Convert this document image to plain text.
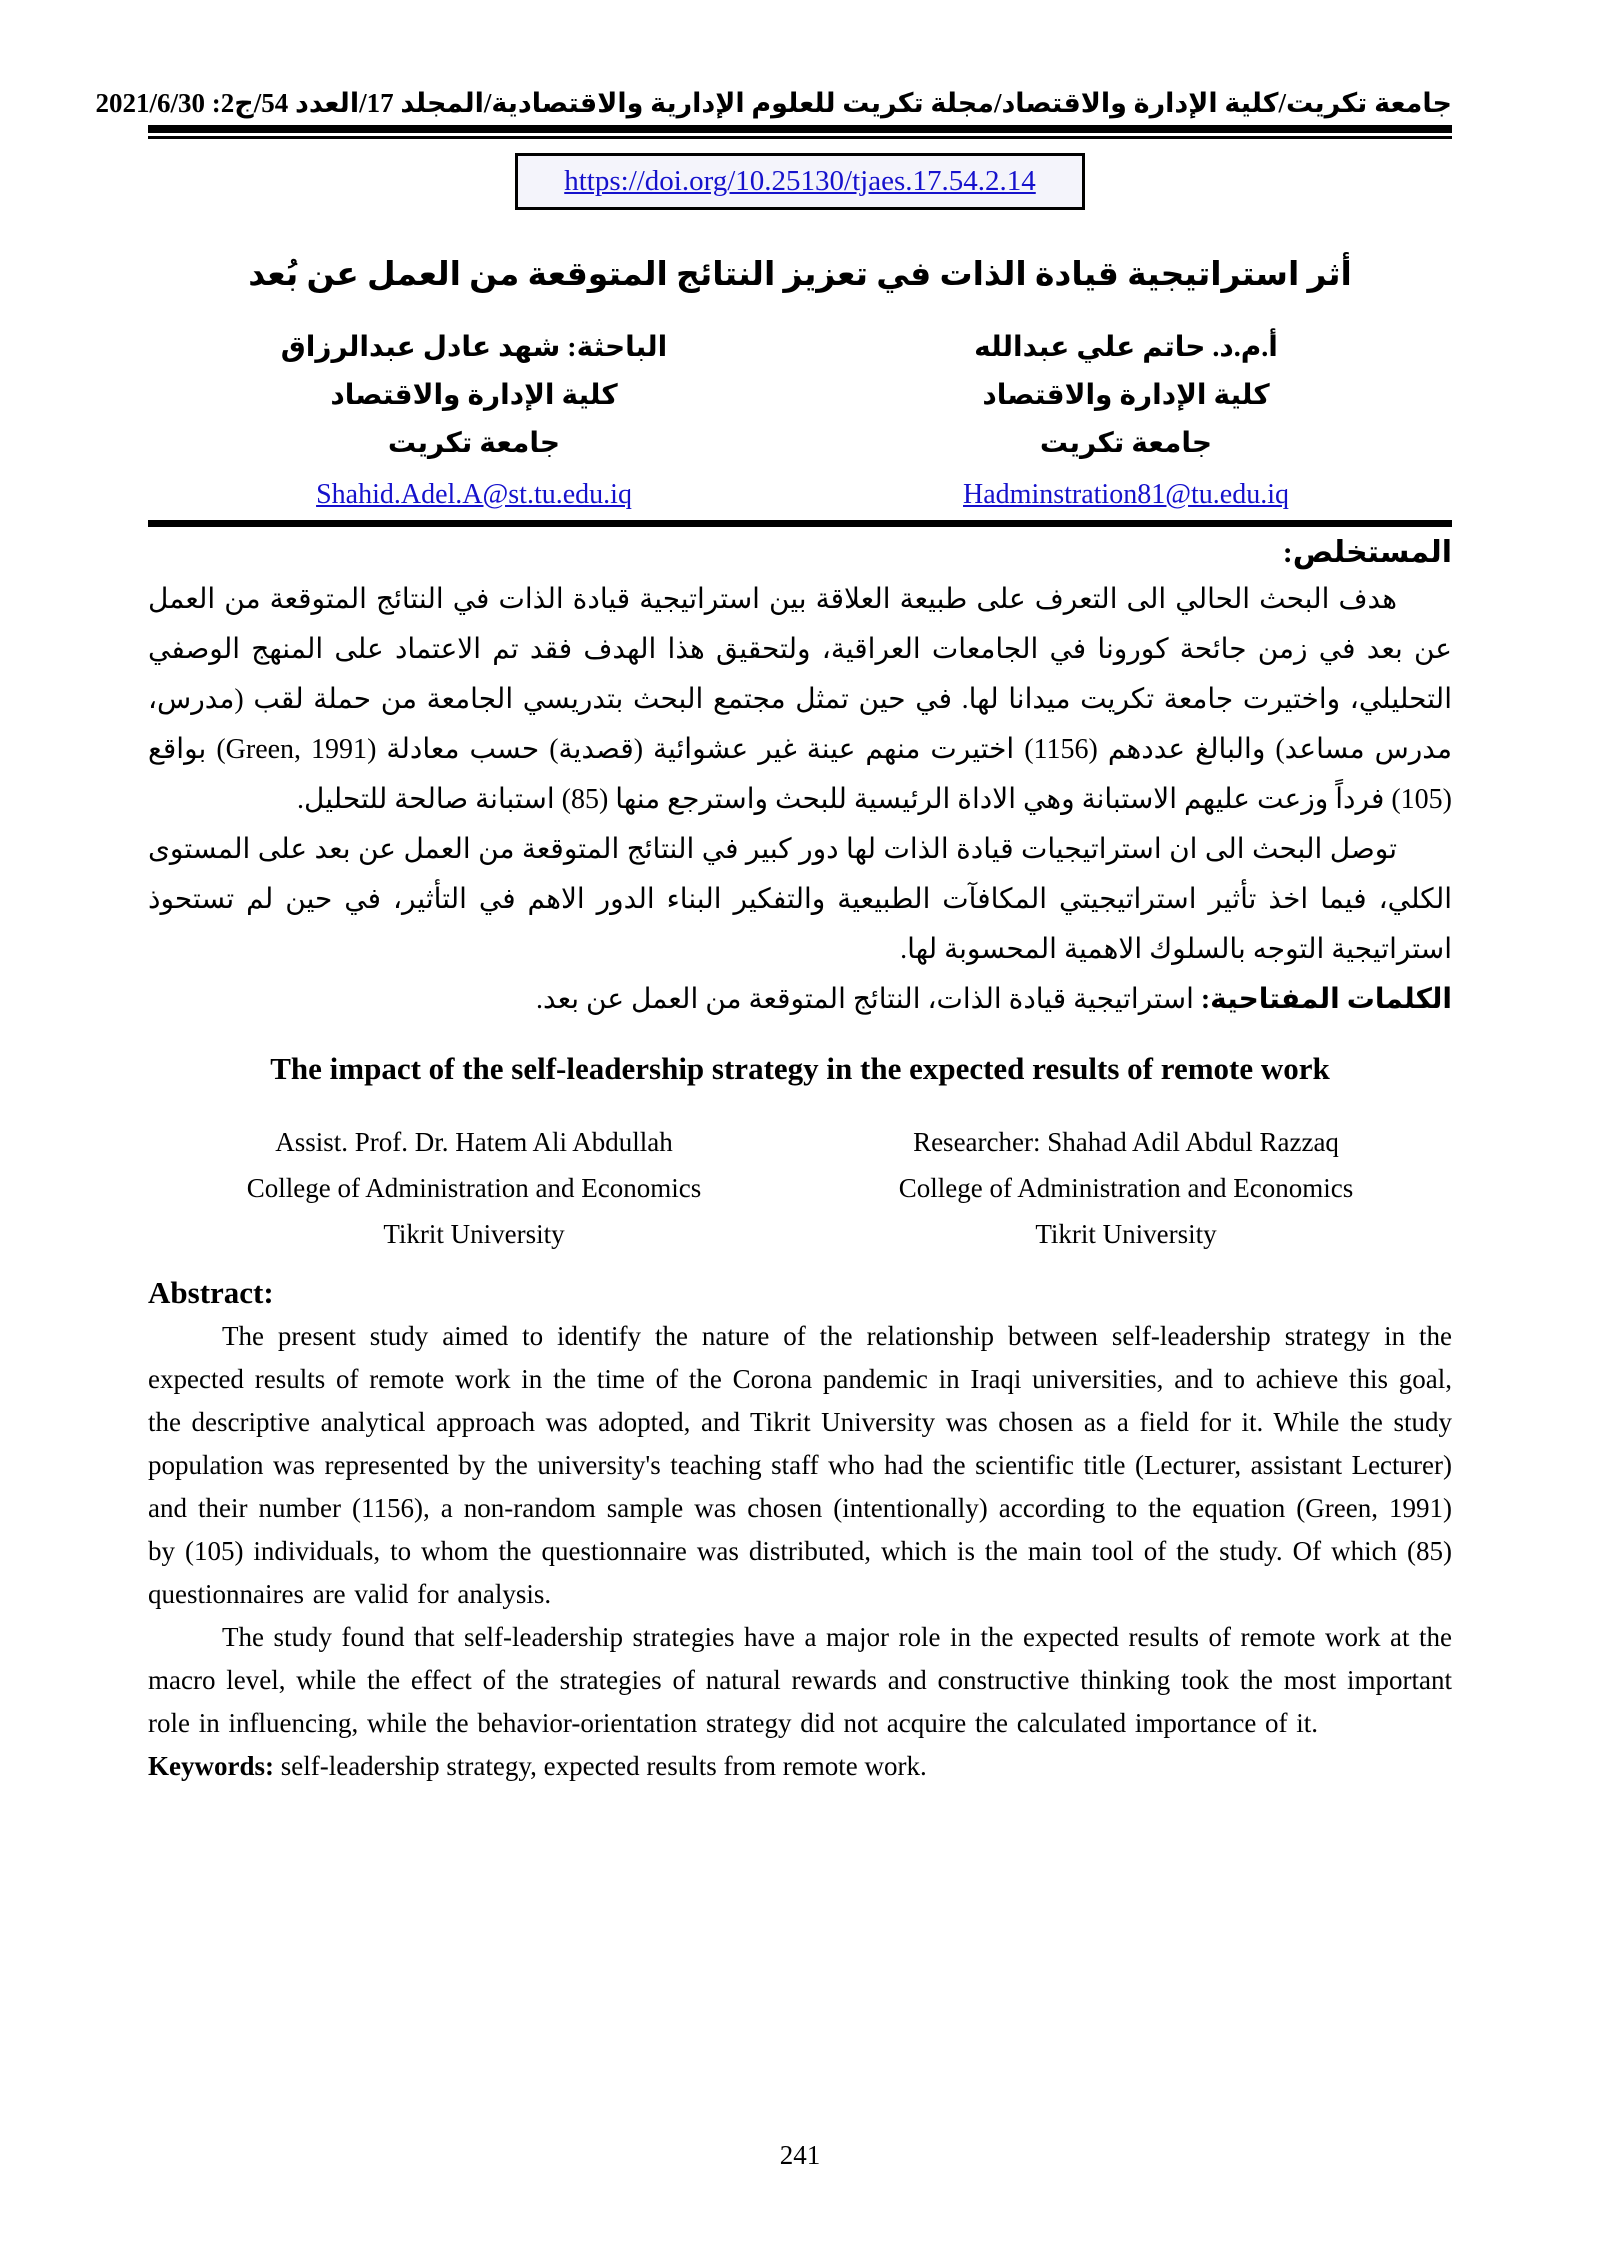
جامعة تكريت/كلية الإدارة والاقتصاد/مجلة تكريت للعلوم الإدارية والاقتصادية/المجلد 17/العدد 54/ج2: 2021/6/30
https://doi.org/10.25130/tjaes.17.54.2.14
أثر استراتيجية قيادة الذات في تعزيز النتائج المتوقعة من العمل عن بُعد
أ.م.د. حاتم علي عبدالله
كلية الإدارة والاقتصاد
جامعة تكريت
Hadminstration81@tu.edu.iq
الباحثة: شهد عادل عبدالرزاق
كلية الإدارة والاقتصاد
جامعة تكريت
Shahid.Adel.A@st.tu.edu.iq
المستخلص:

هدف البحث الحالي الى التعرف على طبيعة العلاقة بين استراتيجية قيادة الذات في النتائج المتوقعة من العمل عن بعد في زمن جائحة كورونا في الجامعات العراقية، ولتحقيق هذا الهدف فقد تم الاعتماد على المنهج الوصفي التحليلي، واختيرت جامعة تكريت ميدانا لها. في حين تمثل مجتمع البحث بتدريسي الجامعة من حملة لقب (مدرس، مدرس مساعد) والبالغ عددهم (1156) اختيرت منهم عينة غير عشوائية (قصدية) حسب معادلة (Green, 1991) بواقع (105) فرداً وزعت عليهم الاستبانة وهي الاداة الرئيسية للبحث واسترجع منها (85) استبانة صالحة للتحليل.

توصل البحث الى ان استراتيجيات قيادة الذات لها دور كبير في النتائج المتوقعة من العمل عن بعد على المستوى الكلي، فيما اخذ تأثير استراتيجيتي المكافآت الطبيعية والتفكير البناء الدور الاهم في التأثير، في حين لم تستحوذ استراتيجية التوجه بالسلوك الاهمية المحسوبة لها.

الكلمات المفتاحية: استراتيجية قيادة الذات، النتائج المتوقعة من العمل عن بعد.

The impact of the self-leadership strategy in the expected results of remote work
Assist. Prof. Dr. Hatem Ali Abdullah
College of Administration and Economics
Tikrit University
Researcher: Shahad Adil Abdul Razzaq
College of Administration and Economics
Tikrit University
Abstract:

The present study aimed to identify the nature of the relationship between self-leadership strategy in the expected results of remote work in the time of the Corona pandemic in Iraqi universities, and to achieve this goal, the descriptive analytical approach was adopted, and Tikrit University was chosen as a field for it. While the study population was represented by the university's teaching staff who had the scientific title (Lecturer, assistant Lecturer) and their number (1156), a non-random sample was chosen (intentionally) according to the equation (Green, 1991) by (105) individuals, to whom the questionnaire was distributed, which is the main tool of the study. Of which (85) questionnaires are valid for analysis.

The study found that self-leadership strategies have a major role in the expected results of remote work at the macro level, while the effect of the strategies of natural rewards and constructive thinking took the most important role in influencing, while the behavior-orientation strategy did not acquire the calculated importance of it.

Keywords: self-leadership strategy, expected results from remote work.

241
